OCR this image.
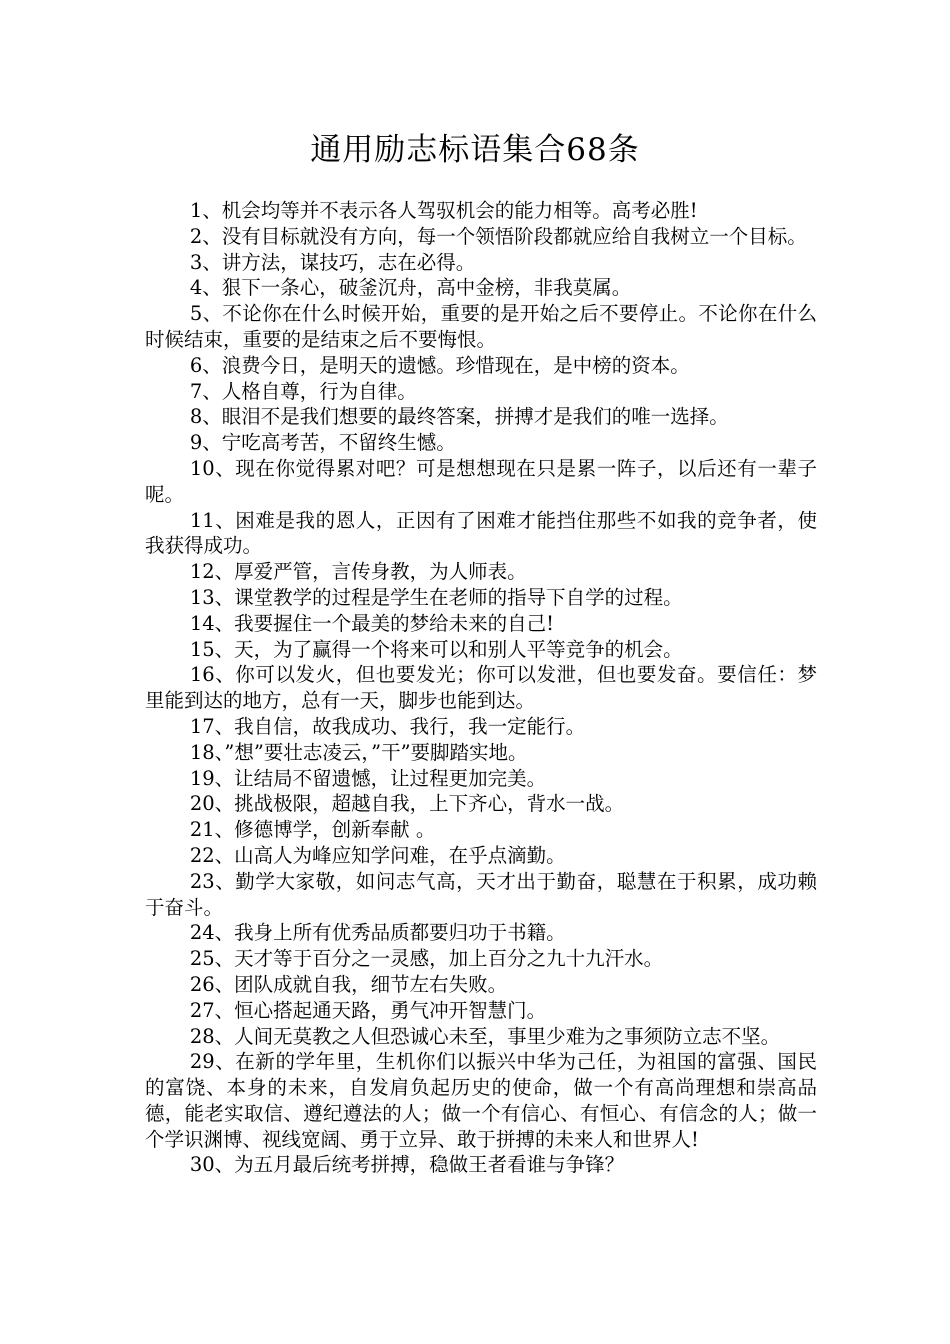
通用励志标语集合68条

1、机会均等并不表示各人驾驭机会的能力相等。高考必胜!

2、没有目标就没有方向，每一个领悟阶段都就应给自我树立一个目标。

3、讲方法，谋技巧，志在必得。

4、狠下一条心，破釜沉舟，高中金榜，非我莫属。

5、不论你在什么时候开始，重要的是开始之后不要停止。不论你在什么时候结束，重要的是结束之后不要悔恨。

6、浪费今日，是明天的遗憾。珍惜现在，是中榜的资本。

7、人格自尊，行为自律。

8、眼泪不是我们想要的最终答案，拼搏才是我们的唯一选择。

9、宁吃高考苦，不留终生憾。

10、现在你觉得累对吧？可是想想现在只是累一阵子，以后还有一辈子呢。

11、困难是我的恩人，正因有了困难才能挡住那些不如我的竞争者，使我获得成功。

12、厚爱严管，言传身教，为人师表。

13、课堂教学的过程是学生在老师的指导下自学的过程。

14、我要握住一个最美的梦给未来的自己!

15、天，为了赢得一个将来可以和别人平等竞争的机会。

16、你可以发火，但也要发光；你可以发泄，但也要发奋。要信任：梦里能到达的地方，总有一天，脚步也能到达。

17、我自信，故我成功、我行，我一定能行。

18、”想”要壮志凌云，”干”要脚踏实地。

19、让结局不留遗憾，让过程更加完美。

20、挑战极限，超越自我，上下齐心，背水一战。

21、修德博学，创新奉献 。

22、山高人为峰应知学问难，在乎点滴勤。

23、勤学大家敬，如问志气高，天才出于勤奋，聪慧在于积累，成功赖于奋斗。

24、我身上所有优秀品质都要归功于书籍。

25、天才等于百分之一灵感，加上百分之九十九汗水。

26、团队成就自我，细节左右失败。

27、恒心搭起通天路，勇气冲开智慧门。

28、人间无莫教之人但恐诚心未至，事里少难为之事须防立志不坚。

29、在新的学年里，生机你们以振兴中华为己任，为祖国的富强、国民的富饶、本身的未来，自发肩负起历史的使命，做一个有高尚理想和崇高品德，能老实取信、遵纪遵法的人；做一个有信心、有恒心、有信念的人；做一个学识渊博、视线宽阔、勇于立异、敢于拼搏的未来人和世界人!

30、为五月最后统考拼搏，稳做王者看谁与争锋？
